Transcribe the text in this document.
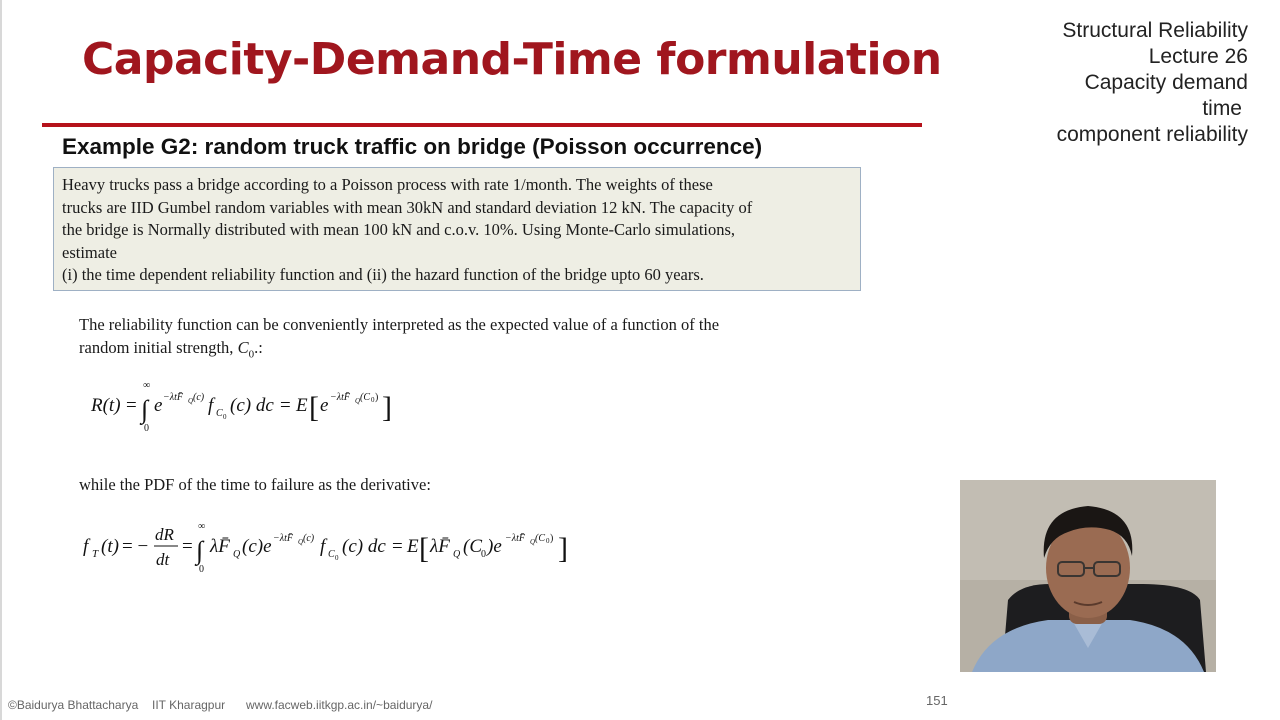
Capacity-Demand-Time formulation
Structural Reliability
Lecture 26
Capacity demand
time
component reliability
Example G2: random truck traffic on bridge (Poisson occurrence)

Heavy trucks pass a bridge according to a Poisson process with rate 1/month. The weights of these

trucks are IID Gumbel random variables with mean 30kN and standard deviation 12 kN. The capacity of

the bridge is Normally distributed with mean 100 kN and c.o.v. 10%. Using Monte-Carlo simulations,

estimate

(i) the time dependent reliability function and (ii) the hazard function of the bridge upto 60 years.

The reliability function can be conveniently interpreted as the expected value of a function of the

random initial strength, $C_0$.:

while the PDF of the time to failure as the derivative:

R(t) = ∫
∞
0
e −λtF̄ Q (c) f C 0
(c) dc = E [ e −λtF̄ Q (C 0 ) ]
f T (t) = −
dR
dt
= ∫
∞
0
λF̄ Q (c)e −λtF̄ Q (c) f C 0
(c) dc = E [ λF̄ Q (C 0 )e −λtF̄ Q (C 0 ) ]
©Baidurya Bhattacharya IIT Kharagpur www.facweb.iitkgp.ac.in/~baidurya/	151
